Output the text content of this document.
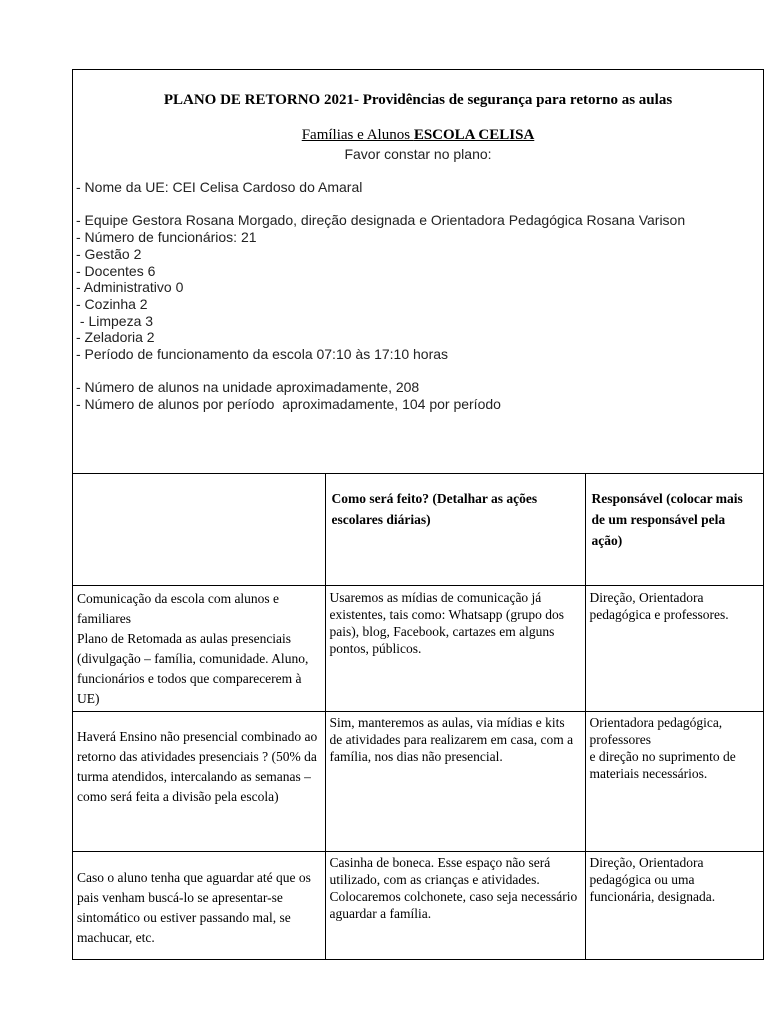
PLANO DE RETORNO 2021- Providências de segurança para retorno as aulas
Famílias e Alunos ESCOLA CELISA
Favor constar no plano:
- Nome da UE: CEI Celisa Cardoso do Amaral
- Equipe Gestora Rosana Morgado, direção designada e Orientadora Pedagógica Rosana Varison
- Número de funcionários: 21
- Gestão 2
- Docentes 6
- Administrativo 0
- Cozinha 2
- Limpeza 3
- Zeladoria 2
- Período de funcionamento da escola 07:10 às 17:10 horas
- Número de alunos na unidade aproximadamente, 208
- Número de alunos por período  aproximadamente, 104 por período
	Como será feito? (Detalhar as ações escolares diárias)	Responsável (colocar mais de um responsável pela ação)
Comunicação da escola com alunos e familiares
Plano de Retomada as aulas presenciais (divulgação – família, comunidade. Aluno, funcionários e todos que comparecerem à UE)	Usaremos as mídias de comunicação já existentes, tais como: Whatsapp (grupo dos pais), blog, Facebook, cartazes em alguns pontos, públicos.	Direção, Orientadora pedagógica e professores.
Haverá Ensino não presencial combinado ao retorno das atividades presenciais ? (50% da turma atendidos, intercalando as semanas – como será feita a divisão pela escola)	Sim, manteremos as aulas, via mídias e kits de atividades para realizarem em casa, com a família, nos dias não presencial.	Orientadora pedagógica, professores
e direção no suprimento de materiais necessários.
Caso o aluno tenha que aguardar até que os pais venham buscá-lo se apresentar-se sintomático ou estiver passando mal, se machucar, etc.	Casinha de boneca. Esse espaço não será utilizado, com as crianças e atividades. Colocaremos colchonete, caso seja necessário aguardar a família.	Direção, Orientadora pedagógica ou uma funcionária, designada.
